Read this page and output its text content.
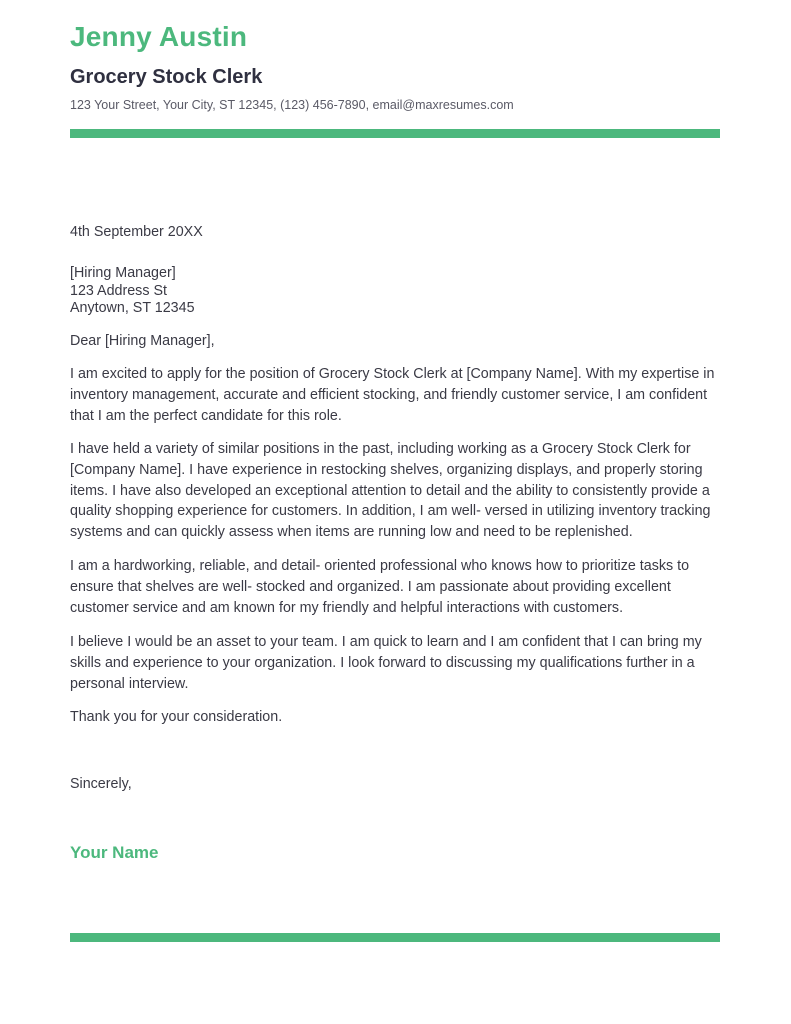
Jenny Austin
Grocery Stock Clerk
123 Your Street, Your City, ST 12345, (123) 456-7890, email@maxresumes.com
4th September 20XX
[Hiring Manager]
123 Address St
Anytown, ST 12345
Dear [Hiring Manager],
I am excited to apply for the position of Grocery Stock Clerk at [Company Name]. With my expertise in inventory management, accurate and efficient stocking, and friendly customer service, I am confident that I am the perfect candidate for this role.
I have held a variety of similar positions in the past, including working as a Grocery Stock Clerk for [Company Name]. I have experience in restocking shelves, organizing displays, and properly storing items. I have also developed an exceptional attention to detail and the ability to consistently provide a quality shopping experience for customers. In addition, I am well- versed in utilizing inventory tracking systems and can quickly assess when items are running low and need to be replenished.
I am a hardworking, reliable, and detail- oriented professional who knows how to prioritize tasks to ensure that shelves are well- stocked and organized. I am passionate about providing excellent customer service and am known for my friendly and helpful interactions with customers.
I believe I would be an asset to your team. I am quick to learn and I am confident that I can bring my skills and experience to your organization. I look forward to discussing my qualifications further in a personal interview.
Thank you for your consideration.
Sincerely,
Your Name
